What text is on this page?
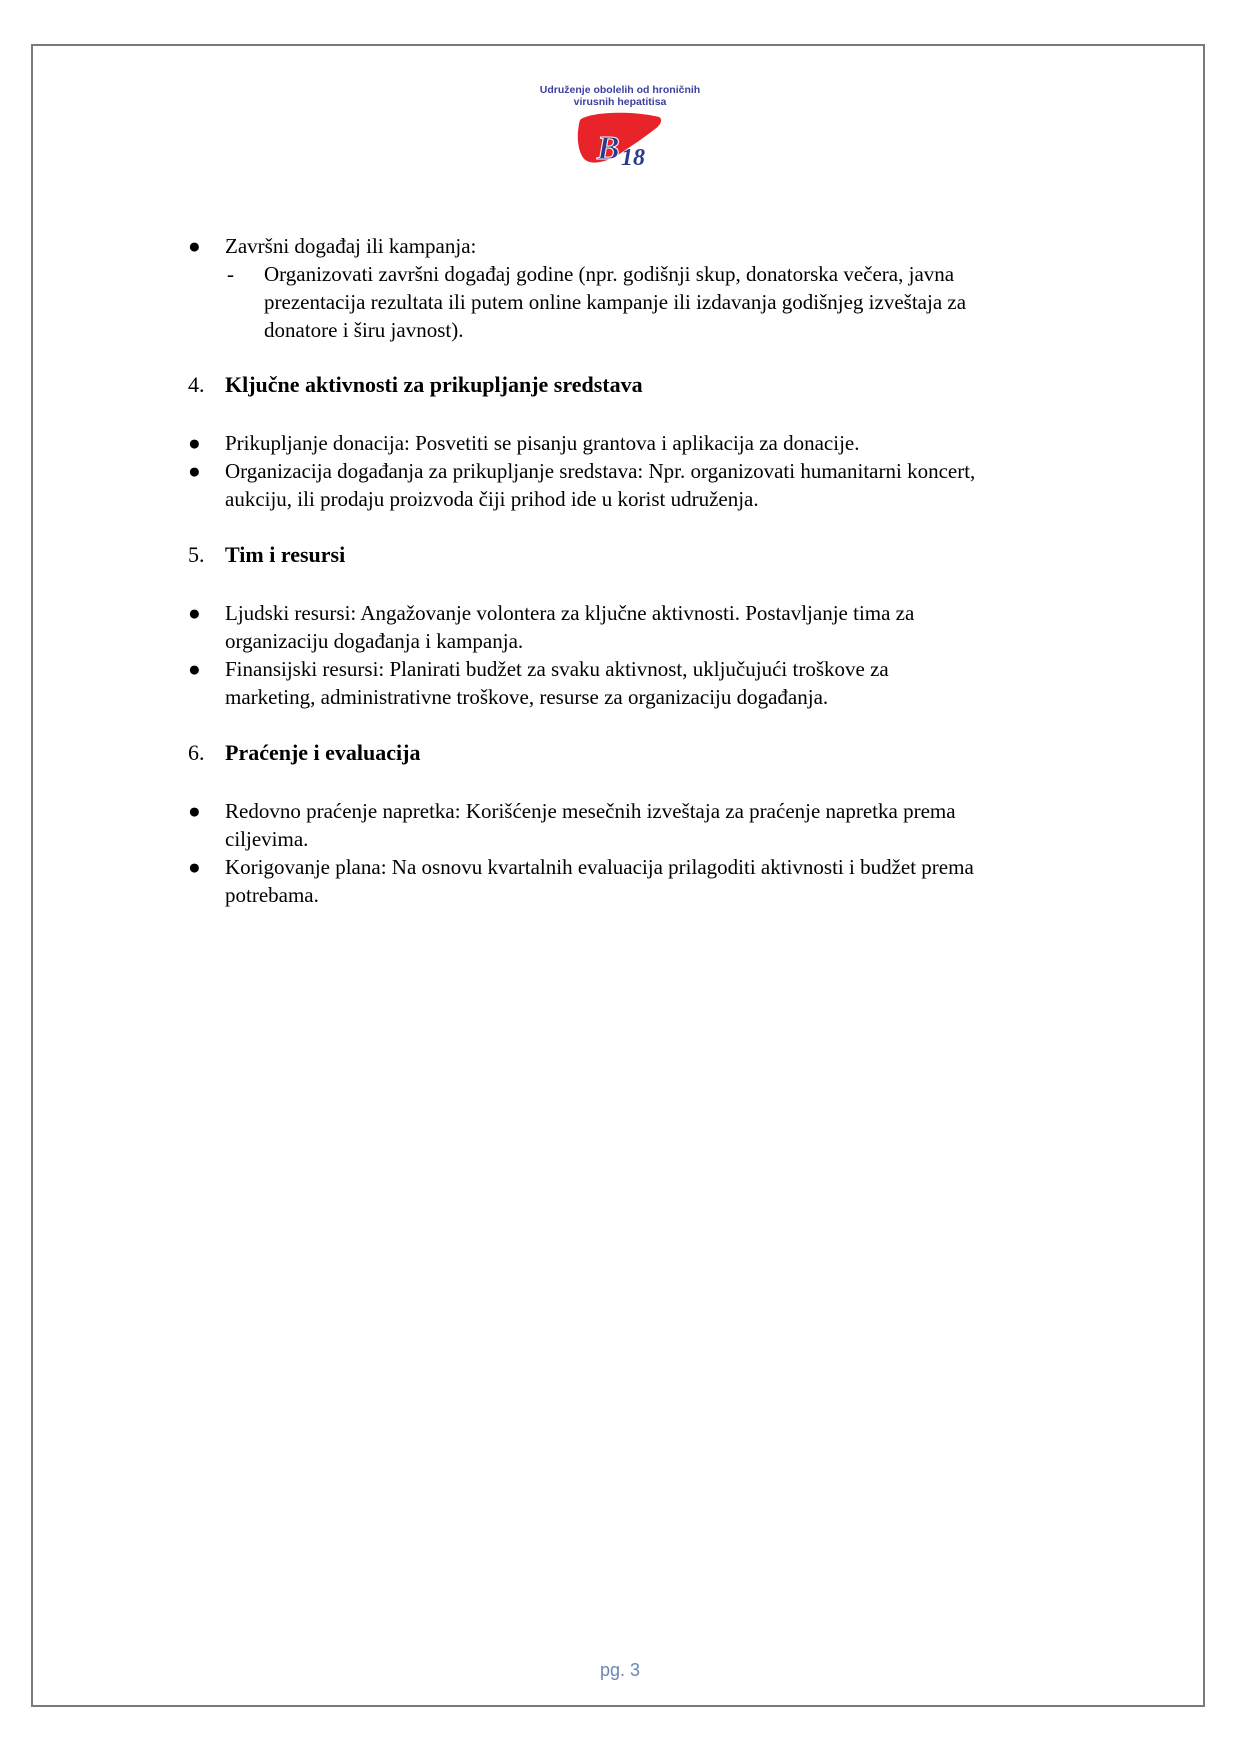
Udruženje obolelih od hroničnih
virusnih hepatitisa
B 18
●	Završni događaj ili kampanja:
- Organizovati završni događaj godine (npr. godišnji skup, donatorska večera, javna
prezentacija rezultata ili putem online kampanje ili izdavanja godišnjeg izveštaja za
donatore i širu javnost).
4. Ključne aktivnosti za prikupljanje sredstava
●	Prikupljanje donacija: Posvetiti se pisanju grantova i aplikacija za donacije.
●	Organizacija događanja za prikupljanje sredstava: Npr. organizovati humanitarni koncert,
aukciju, ili prodaju proizvoda čiji prihod ide u korist udruženja.
5. Tim i resursi
●	Ljudski resursi: Angažovanje volontera za ključne aktivnosti. Postavljanje tima za
organizaciju događanja i kampanja.
●	Finansijski resursi: Planirati budžet za svaku aktivnost, uključujući troškove za
marketing, administrativne troškove, resurse za organizaciju događanja.
6. Praćenje i evaluacija
●	Redovno praćenje napretka: Korišćenje mesečnih izveštaja za praćenje napretka prema
ciljevima.
●	Korigovanje plana: Na osnovu kvartalnih evaluacija prilagoditi aktivnosti i budžet prema
potrebama.
pg. 3
